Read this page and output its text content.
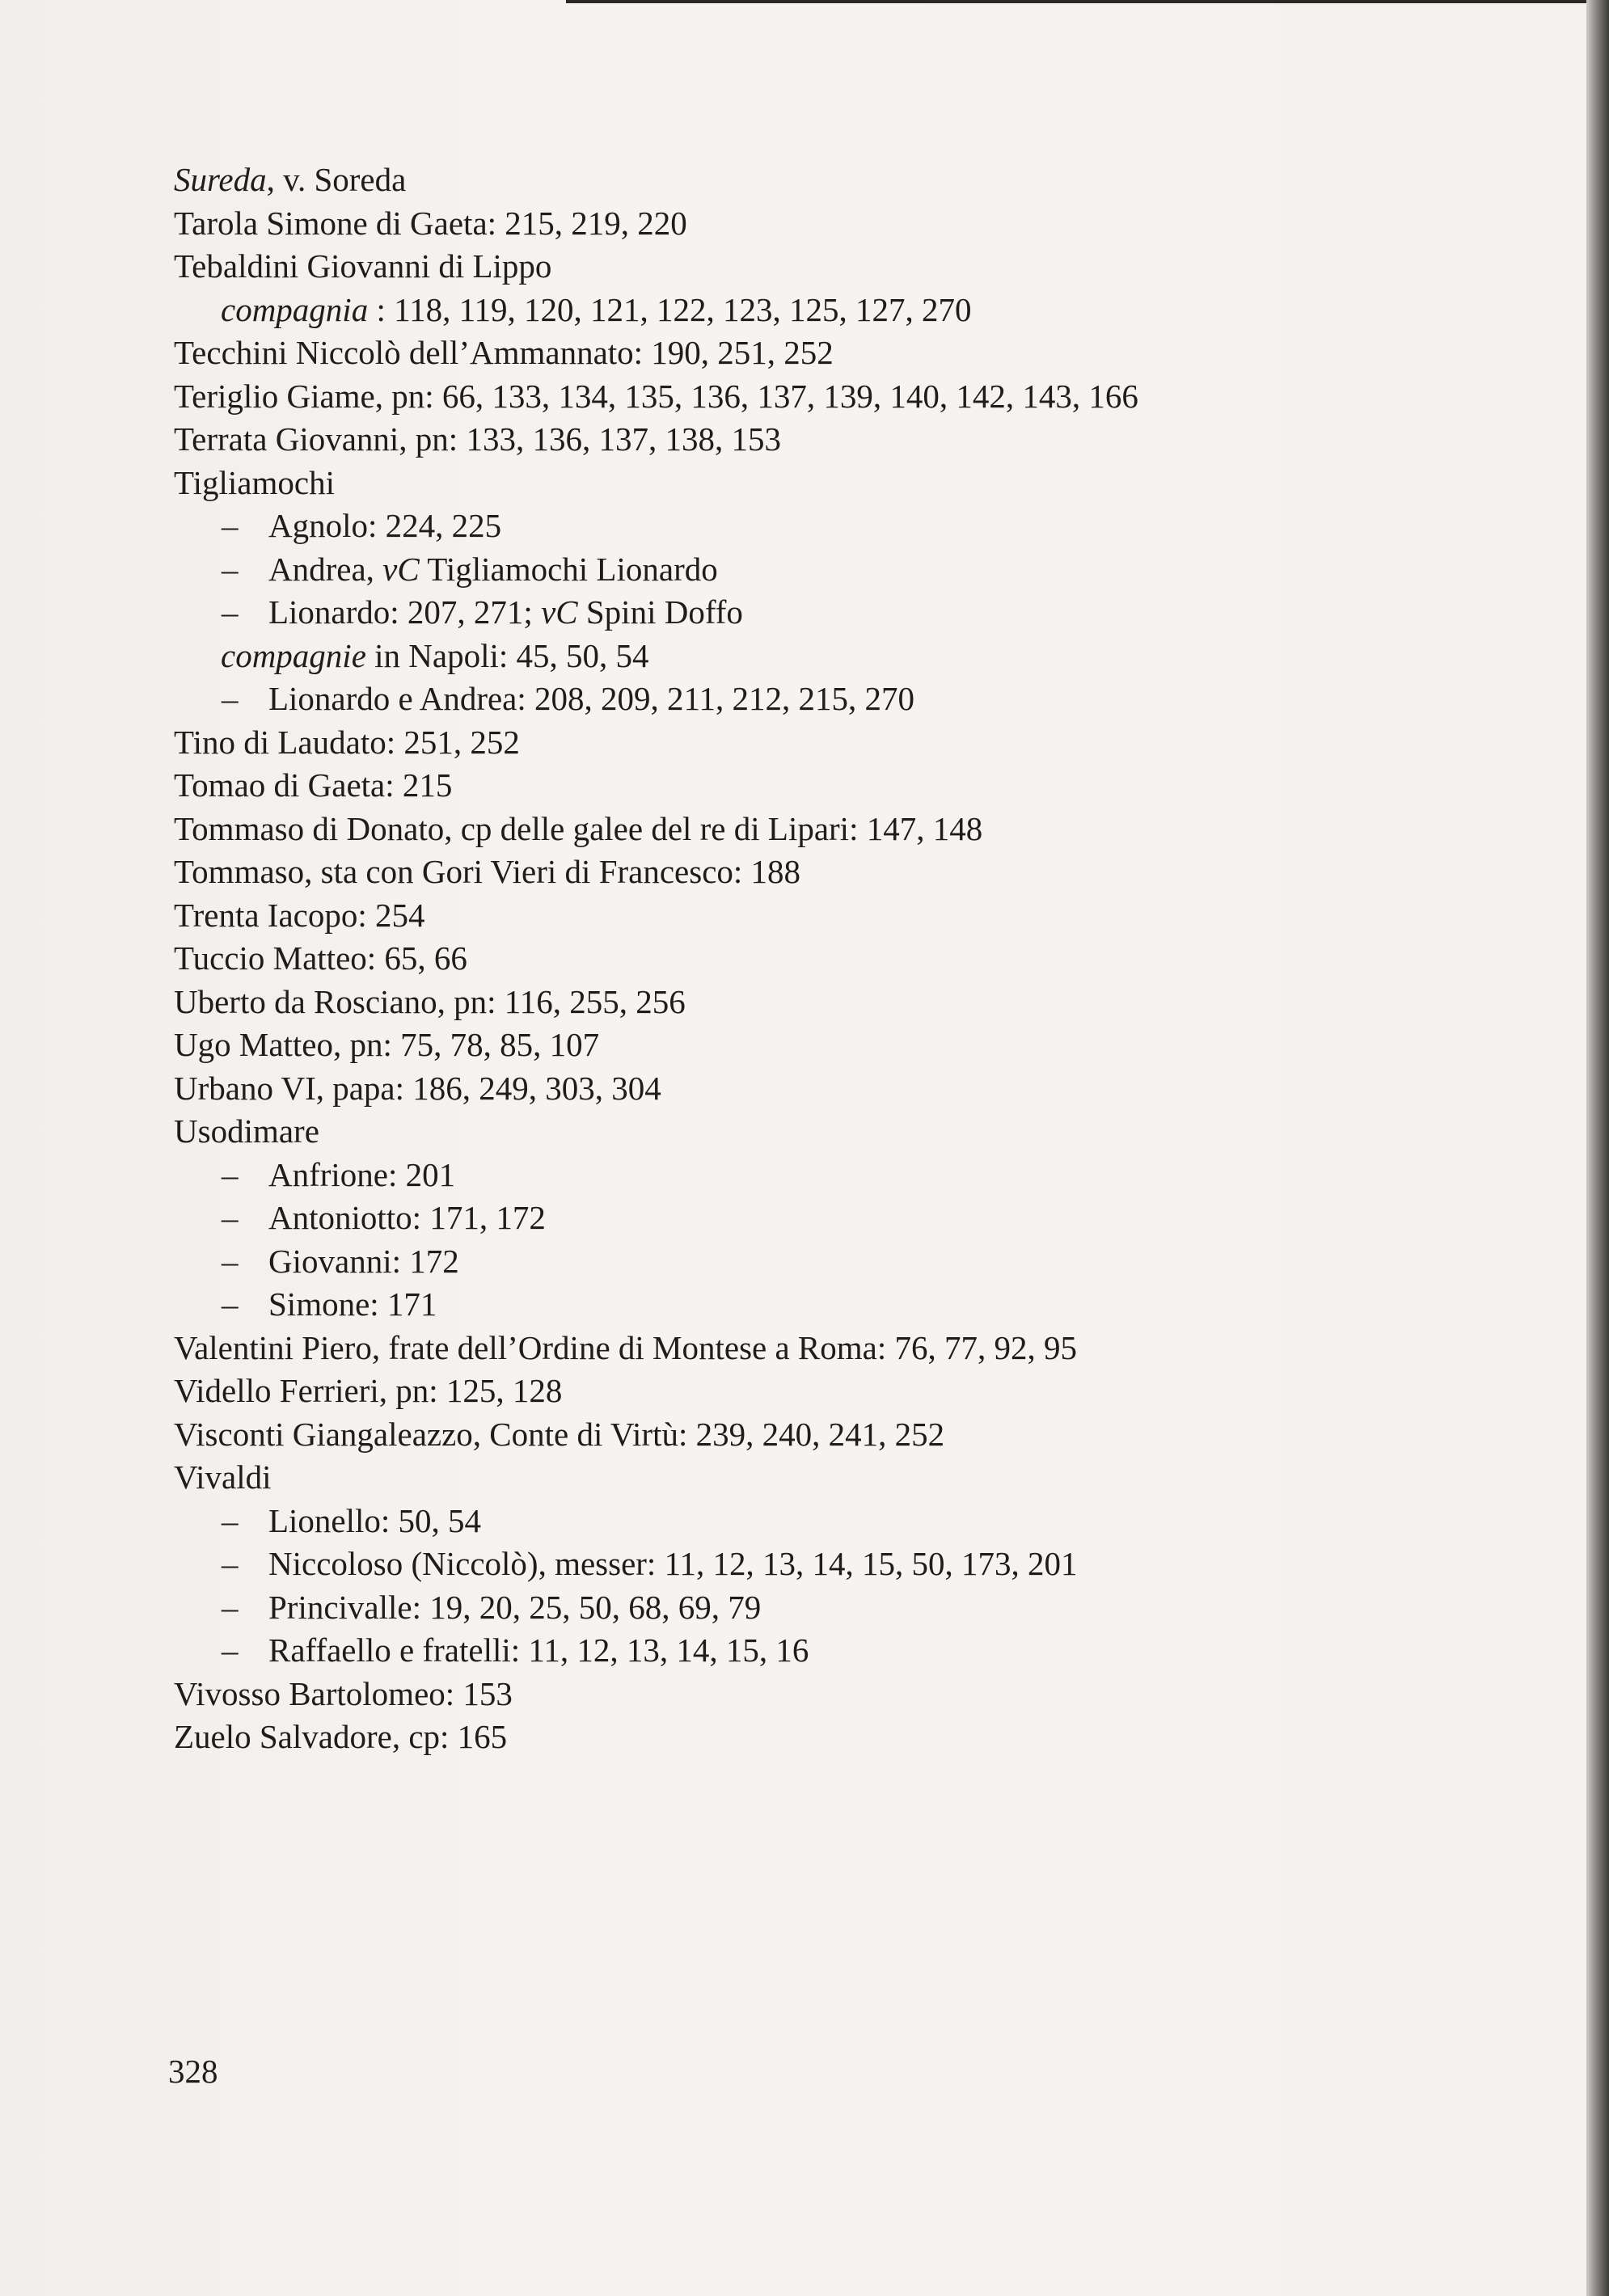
Sureda, v. Soreda
Tarola Simone di Gaeta: 215, 219, 220
Tebaldini Giovanni di Lippo
compagnia : 118, 119, 120, 121, 122, 123, 125, 127, 270
Tecchini Niccolò dell’Ammannato: 190, 251, 252
Teriglio Giame, pn: 66, 133, 134, 135, 136, 137, 139, 140, 142, 143, 166
Terrata Giovanni, pn: 133, 136, 137, 138, 153
Tigliamochi
– Agnolo: 224, 225
– Andrea, vC Tigliamochi Lionardo
– Lionardo: 207, 271; vC Spini Doffo
compagnie in Napoli: 45, 50, 54
– Lionardo e Andrea: 208, 209, 211, 212, 215, 270
Tino di Laudato: 251, 252
Tomao di Gaeta: 215
Tommaso di Donato, cp delle galee del re di Lipari: 147, 148
Tommaso, sta con Gori Vieri di Francesco: 188
Trenta Iacopo: 254
Tuccio Matteo: 65, 66
Uberto da Rosciano, pn: 116, 255, 256
Ugo Matteo, pn: 75, 78, 85, 107
Urbano VI, papa: 186, 249, 303, 304
Usodimare
– Anfrione: 201
– Antoniotto: 171, 172
– Giovanni: 172
– Simone: 171
Valentini Piero, frate dell’Ordine di Montese a Roma: 76, 77, 92, 95
Vidello Ferrieri, pn: 125, 128
Visconti Giangaleazzo, Conte di Virtù: 239, 240, 241, 252
Vivaldi
– Lionello: 50, 54
– Niccoloso (Niccolò), messer: 11, 12, 13, 14, 15, 50, 173, 201
– Princivalle: 19, 20, 25, 50, 68, 69, 79
– Raffaello e fratelli: 11, 12, 13, 14, 15, 16
Vivosso Bartolomeo: 153
Zuelo Salvadore, cp: 165
328
